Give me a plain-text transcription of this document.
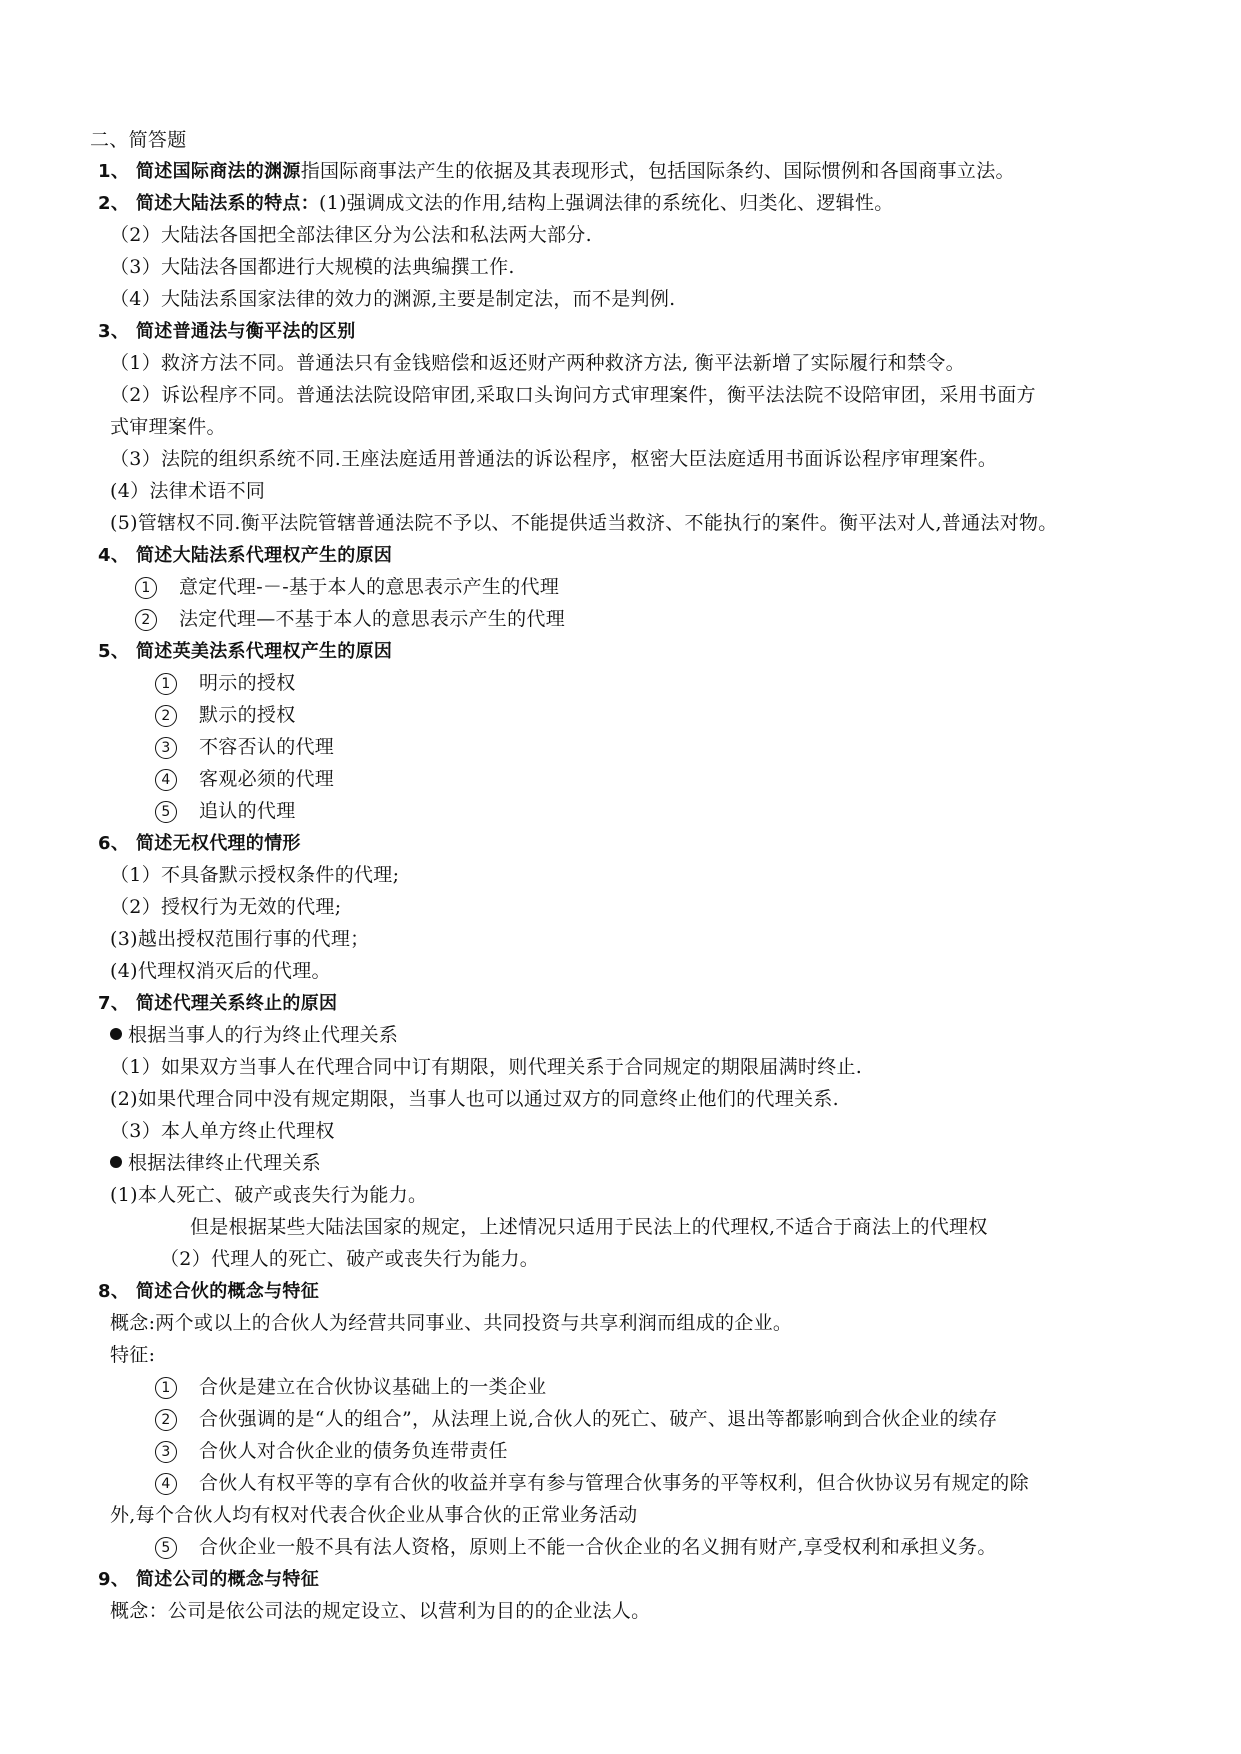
二、简答题
1、 简述国际商法的渊源指国际商事法产生的依据及其表现形式，包括国际条约、国际惯例和各国商事立法。
2、 简述大陆法系的特点：(1)强调成文法的作用,结构上强调法律的系统化、归类化、逻辑性。
（2）大陆法各国把全部法律区分为公法和私法两大部分.
（3）大陆法各国都进行大规模的法典编撰工作.
（4）大陆法系国家法律的效力的渊源,主要是制定法，而不是判例.
3、 简述普通法与衡平法的区别
（1）救济方法不同。普通法只有金钱赔偿和返还财产两种救济方法, 衡平法新增了实际履行和禁令。
（2）诉讼程序不同。普通法法院设陪审团,采取口头询问方式审理案件，衡平法法院不设陪审团，采用书面方
式审理案件。
（3）法院的组织系统不同.王座法庭适用普通法的诉讼程序，枢密大臣法庭适用书面诉讼程序审理案件。
(4）法律术语不同
(5)管辖权不同.衡平法院管辖普通法院不予以、不能提供适当救济、不能执行的案件。衡平法对人,普通法对物。
4、 简述大陆法系代理权产生的原因
1 意定代理-－-基于本人的意思表示产生的代理
2 法定代理—不基于本人的意思表示产生的代理
5、 简述英美法系代理权产生的原因
1 明示的授权
2 默示的授权
3 不容否认的代理
4 客观必须的代理
5 追认的代理
6、 简述无权代理的情形
（1）不具备默示授权条件的代理;
（2）授权行为无效的代理;
(3)越出授权范围行事的代理；
(4)代理权消灭后的代理。
7、 简述代理关系终止的原因
根据当事人的行为终止代理关系
（1）如果双方当事人在代理合同中订有期限，则代理关系于合同规定的期限届满时终止.
(2)如果代理合同中没有规定期限，当事人也可以通过双方的同意终止他们的代理关系.
（3）本人单方终止代理权
根据法律终止代理关系
(1)本人死亡、破产或丧失行为能力。
但是根据某些大陆法国家的规定，上述情况只适用于民法上的代理权,不适合于商法上的代理权
（2）代理人的死亡、破产或丧失行为能力。
8、 简述合伙的概念与特征
概念:两个或以上的合伙人为经营共同事业、共同投资与共享利润而组成的企业。
特征:
1 合伙是建立在合伙协议基础上的一类企业
2 合伙强调的是“人的组合”，从法理上说,合伙人的死亡、破产、退出等都影响到合伙企业的续存
3 合伙人对合伙企业的债务负连带责任
4 合伙人有权平等的享有合伙的收益并享有参与管理合伙事务的平等权利，但合伙协议另有规定的除
外,每个合伙人均有权对代表合伙企业从事合伙的正常业务活动
5 合伙企业一般不具有法人资格，原则上不能一合伙企业的名义拥有财产,享受权利和承担义务。
9、 简述公司的概念与特征
概念：公司是依公司法的规定设立、以营利为目的的企业法人。
